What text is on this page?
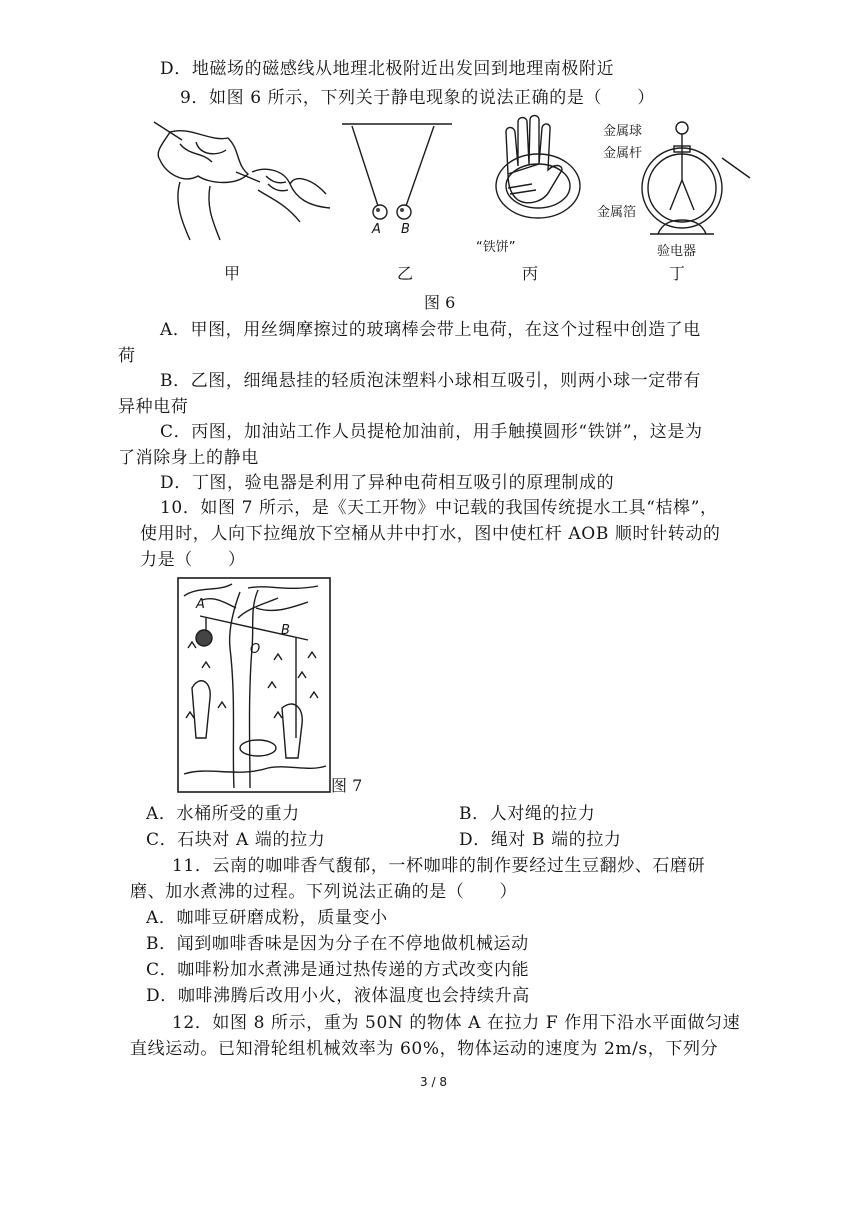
D．地磁场的磁感线从地理北极附近出发回到地理南极附近
9．如图 6 所示，下列关于静电现象的说法正确的是（　　）
A B
“铁饼”
金属球
金属杆
金属箔
验电器
甲	乙	丙	丁
图 6
A．甲图，用丝绸摩擦过的玻璃棒会带上电荷，在这个过程中创造了电
荷
B．乙图，细绳悬挂的轻质泡沫塑料小球相互吸引，则两小球一定带有
异种电荷
C．丙图，加油站工作人员提枪加油前，用手触摸圆形“铁饼”，这是为
了消除身上的静电
D．丁图，验电器是利用了异种电荷相互吸引的原理制成的
10．如图 7 所示，是《天工开物》中记载的我国传统提水工具“桔槔”，
使用时，人向下拉绳放下空桶从井中打水，图中使杠杆 AOB 顺时针转动的
力是（　　）
A
B
O
图 7
A．水桶所受的重力	B．人对绳的拉力
C．石块对 A 端的拉力	D．绳对 B 端的拉力
11．云南的咖啡香气馥郁，一杯咖啡的制作要经过生豆翻炒、石磨研
磨、加水煮沸的过程。下列说法正确的是（　　）
A．咖啡豆研磨成粉，质量变小
B．闻到咖啡香味是因为分子在不停地做机械运动
C．咖啡粉加水煮沸是通过热传递的方式改变内能
D．咖啡沸腾后改用小火，液体温度也会持续升高
12．如图 8 所示，重为 50N 的物体 A 在拉力 F 作用下沿水平面做匀速
直线运动。已知滑轮组机械效率为 60%，物体运动的速度为 2m/s，下列分
3 / 8
